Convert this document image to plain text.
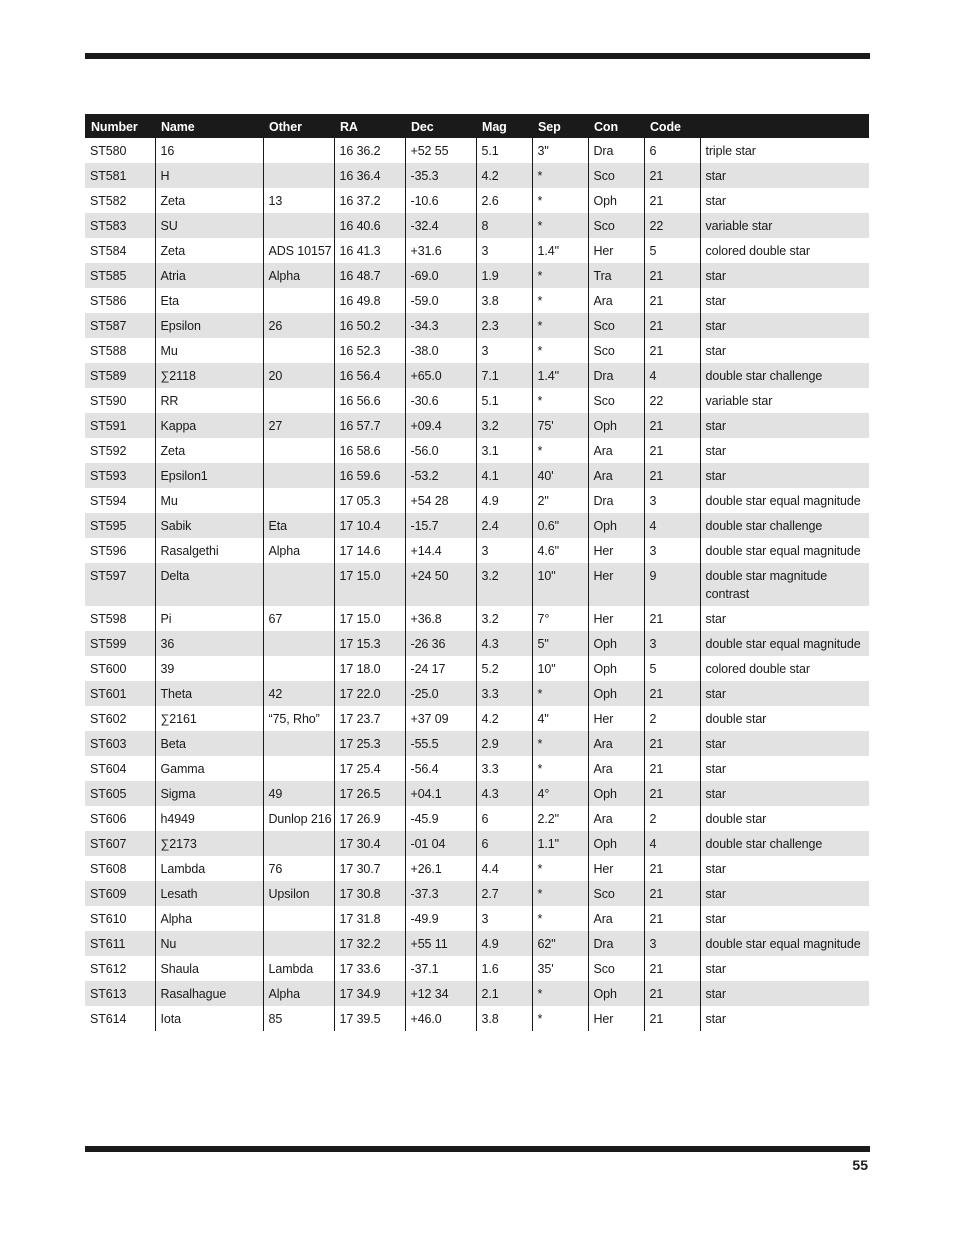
Number	Name	Other	RA	Dec	Mag	Sep	Con	Code	
ST580	16		16 36.2	+52 55	5.1	3"	Dra	6	triple star
ST581	H		16 36.4	-35.3	4.2	*	Sco	21	star
ST582	Zeta	13	16 37.2	-10.6	2.6	*	Oph	21	star
ST583	SU		16 40.6	-32.4	8	*	Sco	22	variable star
ST584	Zeta	ADS 10157	16 41.3	+31.6	3	1.4"	Her	5	colored double star
ST585	Atria	Alpha	16 48.7	-69.0	1.9	*	Tra	21	star
ST586	Eta		16 49.8	-59.0	3.8	*	Ara	21	star
ST587	Epsilon	26	16 50.2	-34.3	2.3	*	Sco	21	star
ST588	Mu		16 52.3	-38.0	3	*	Sco	21	star
ST589	∑2118	20	16 56.4	+65.0	7.1	1.4"	Dra	4	double star challenge
ST590	RR		16 56.6	-30.6	5.1	*	Sco	22	variable star
ST591	Kappa	27	16 57.7	+09.4	3.2	75'	Oph	21	star
ST592	Zeta		16 58.6	-56.0	3.1	*	Ara	21	star
ST593	Epsilon1		16 59.6	-53.2	4.1	40'	Ara	21	star
ST594	Mu		17 05.3	+54 28	4.9	2"	Dra	3	double star equal magnitude
ST595	Sabik	Eta	17 10.4	-15.7	2.4	0.6"	Oph	4	double star challenge
ST596	Rasalgethi	Alpha	17 14.6	+14.4	3	4.6"	Her	3	double star equal magnitude
ST597	Delta		17 15.0	+24 50	3.2	10"	Her	9	double star magnitude contrast
ST598	Pi	67	17 15.0	+36.8	3.2	7°	Her	21	star
ST599	36		17 15.3	-26 36	4.3	5"	Oph	3	double star equal magnitude
ST600	39		17 18.0	-24 17	5.2	10"	Oph	5	colored double star
ST601	Theta	42	17 22.0	-25.0	3.3	*	Oph	21	star
ST602	∑2161	“75, Rho”	17 23.7	+37 09	4.2	4"	Her	2	double star
ST603	Beta		17 25.3	-55.5	2.9	*	Ara	21	star
ST604	Gamma		17 25.4	-56.4	3.3	*	Ara	21	star
ST605	Sigma	49	17 26.5	+04.1	4.3	4°	Oph	21	star
ST606	h4949	Dunlop 216	17 26.9	-45.9	6	2.2"	Ara	2	double star
ST607	∑2173		17 30.4	-01 04	6	1.1"	Oph	4	double star challenge
ST608	Lambda	76	17 30.7	+26.1	4.4	*	Her	21	star
ST609	Lesath	Upsilon	17 30.8	-37.3	2.7	*	Sco	21	star
ST610	Alpha		17 31.8	-49.9	3	*	Ara	21	star
ST611	Nu		17 32.2	+55 11	4.9	62"	Dra	3	double star equal magnitude
ST612	Shaula	Lambda	17 33.6	-37.1	1.6	35'	Sco	21	star
ST613	Rasalhague	Alpha	17 34.9	+12 34	2.1	*	Oph	21	star
ST614	Iota	85	17 39.5	+46.0	3.8	*	Her	21	star
55
